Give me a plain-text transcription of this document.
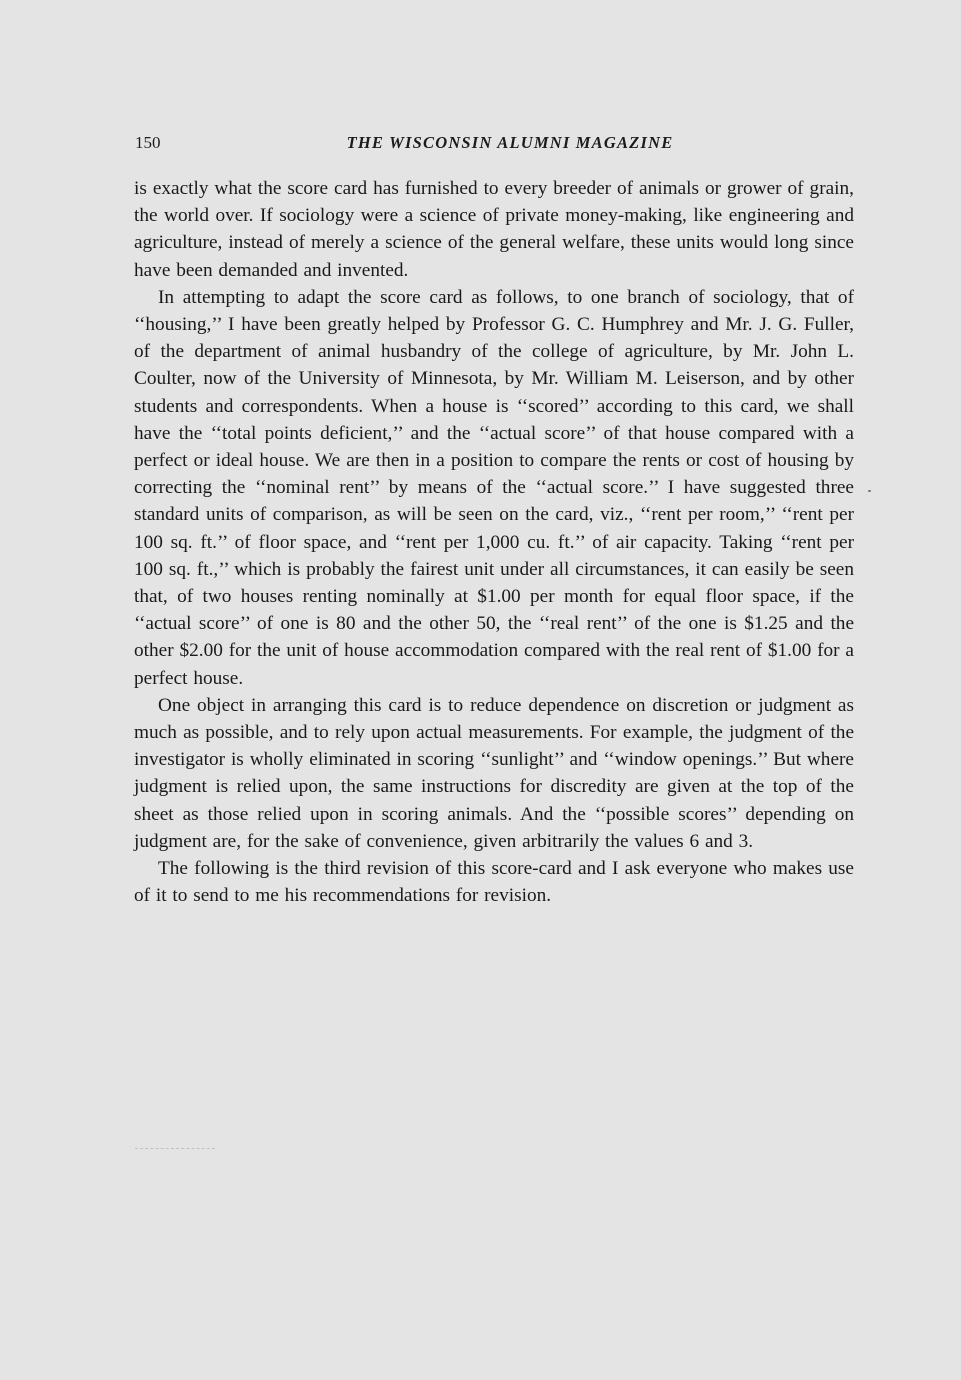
150	THE WISCONSIN ALUMNI MAGAZINE

is exactly what the score card has furnished to every breeder of animals or grower of grain, the world over. If sociology were a science of private money-making, like engineering and agriculture, instead of merely a science of the general welfare, these units would long since have been demanded and invented.

In attempting to adapt the score card as follows, to one branch of sociology, that of ‘‘housing,’’ I have been greatly helped by Professor G. C. Humphrey and Mr. J. G. Fuller, of the department of animal husbandry of the college of agriculture, by Mr. John L. Coulter, now of the University of Minnesota, by Mr. William M. Leiserson, and by other students and correspondents. When a house is ‘‘scored’’ according to this card, we shall have the ‘‘total points deficient,’’ and the ‘‘actual score’’ of that house compared with a perfect or ideal house. We are then in a position to compare the rents or cost of housing by correcting the ‘‘nominal rent’’ by means of the ‘‘actual score.’’ I have suggested three standard units of comparison, as will be seen on the card, viz., ‘‘rent per room,’’ ‘‘rent per 100 sq. ft.’’ of floor space, and ‘‘rent per 1,000 cu. ft.’’ of air capacity. Taking ‘‘rent per 100 sq. ft.,’’ which is probably the fairest unit under all circumstances, it can easily be seen that, of two houses renting nominally at $1.00 per month for equal floor space, if the ‘‘actual score’’ of one is 80 and the other 50, the ‘‘real rent’’ of the one is $1.25 and the other $2.00 for the unit of house accommodation compared with the real rent of $1.00 for a perfect house.

One object in arranging this card is to reduce dependence on discretion or judgment as much as possible, and to rely upon actual measurements. For example, the judgment of the investigator is wholly eliminated in scoring ‘‘sunlight’’ and ‘‘window openings.’’ But where judgment is relied upon, the same instructions for discredity are given at the top of the sheet as those relied upon in scoring animals. And the ‘‘possible scores’’ depending on judgment are, for the sake of convenience, given arbitrarily the values 6 and 3.

The following is the third revision of this score-card and I ask everyone who makes use of it to send to me his recommendations for revision.
